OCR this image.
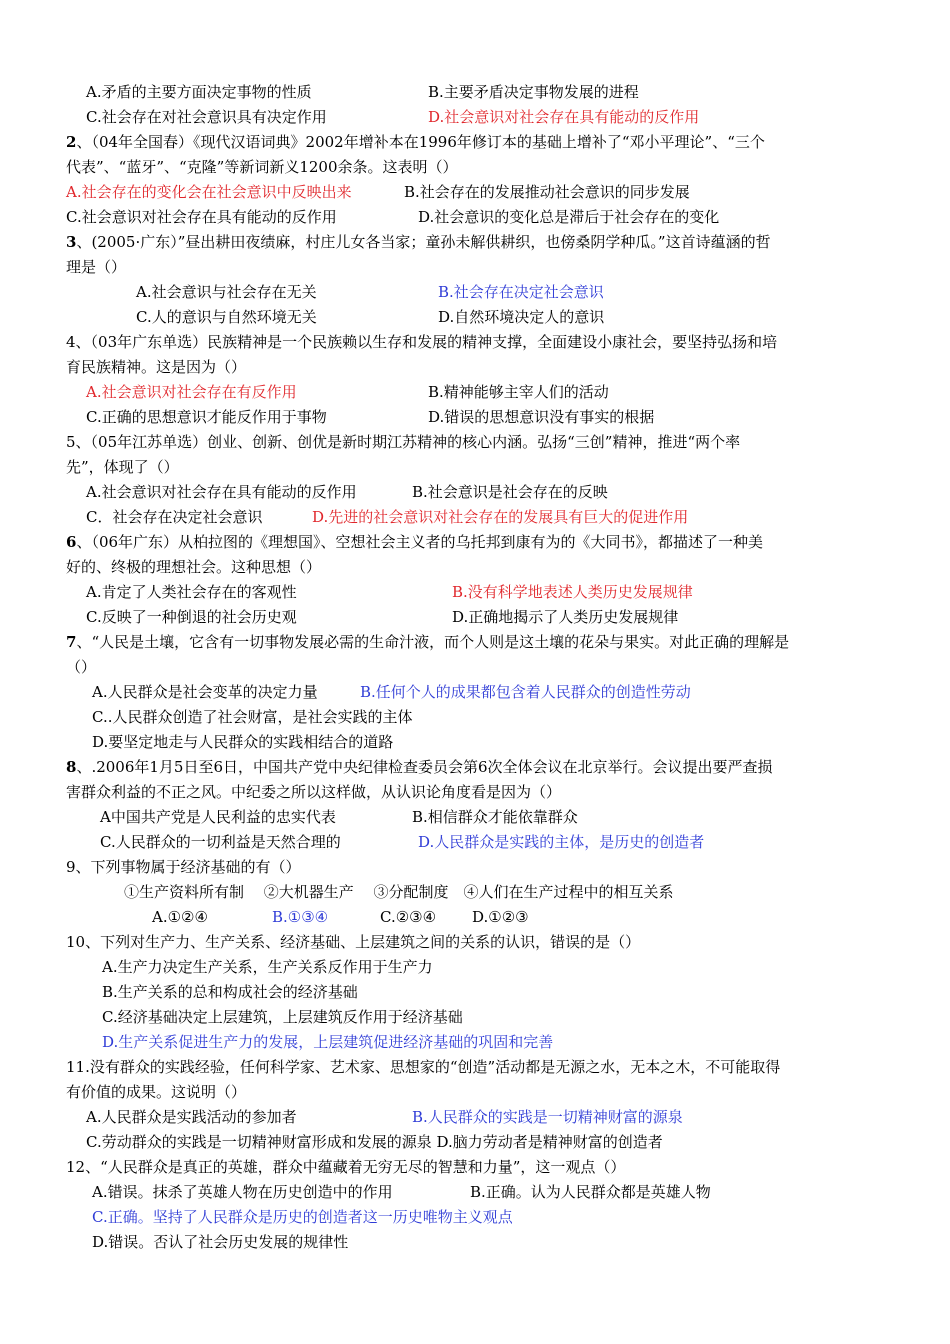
A.矛盾的主要方面决定事物的性质	B.主要矛盾决定事物发展的进程
C.社会存在对社会意识具有决定作用	D.社会意识对社会存在具有能动的反作用
2、（04年全国春）《现代汉语词典》2002年增补本在1996年修订本的基础上增补了“邓小平理论”、“三个
代表”、“蓝牙”、“克隆”等新词新义1200余条。这表明（）
A.社会存在的变化会在社会意识中反映出来	B.社会存在的发展推动社会意识的同步发展
C.社会意识对社会存在具有能动的反作用	D.社会意识的变化总是滞后于社会存在的变化
3、(2005·广东）”昼出耕田夜绩麻，村庄儿女各当家；童孙未解供耕织，也傍桑阴学种瓜。”这首诗蕴涵的哲
理是（）
A.社会意识与社会存在无关	B.社会存在决定社会意识
C.人的意识与自然环境无关	D.自然环境决定人的意识
4、（03年广东单选）民族精神是一个民族赖以生存和发展的精神支撑，全面建设小康社会，要坚持弘扬和培
育民族精神。这是因为（）
A.社会意识对社会存在有反作用	B.精神能够主宰人们的活动
C.正确的思想意识才能反作用于事物	D.错误的思想意识没有事实的根据
5、（05年江苏单选）创业、创新、创优是新时期江苏精神的核心内涵。弘扬“三创”精神，推进“两个率
先”，体现了（）
A.社会意识对社会存在具有能动的反作用	B.社会意识是社会存在的反映
C．社会存在决定社会意识	D.先进的社会意识对社会存在的发展具有巨大的促进作用
6、（06年广东）从柏拉图的《理想国》、空想社会主义者的乌托邦到康有为的《大同书》，都描述了一种美
好的、终极的理想社会。这种思想（）
A.肯定了人类社会存在的客观性	B.没有科学地表述人类历史发展规律
C.反映了一种倒退的社会历史观	D.正确地揭示了人类历史发展规律
7、“人民是土壤，它含有一切事物发展必需的生命汁液，而个人则是这土壤的花朵与果实。对此正确的理解是
（）
A.人民群众是社会变革的决定力量	B.任何个人的成果都包含着人民群众的创造性劳动
C..人民群众创造了社会财富，是社会实践的主体
D.要坚定地走与人民群众的实践相结合的道路
8、.2006年1月5日至6日，中国共产党中央纪律检查委员会第6次全体会议在北京举行。会议提出要严查损
害群众利益的不正之风。中纪委之所以这样做，从认识论角度看是因为（）
A中国共产党是人民利益的忠实代表	B.相信群众才能依靠群众
C.人民群众的一切利益是天然合理的	D.人民群众是实践的主体，是历史的创造者
9、下列事物属于经济基础的有（）
①生产资料所有制　 ②大机器生产　 ③分配制度　④人们在生产过程中的相互关系
A.①②④	B.①③④	C.②③④ D.①②③
10、下列对生产力、生产关系、经济基础、上层建筑之间的关系的认识，错误的是（）
A.生产力决定生产关系，生产关系反作用于生产力
B.生产关系的总和构成社会的经济基础
C.经济基础决定上层建筑，上层建筑反作用于经济基础
D.生产关系促进生产力的发展，上层建筑促进经济基础的巩固和完善
11.没有群众的实践经验，任何科学家、艺术家、思想家的“创造”活动都是无源之水，无本之木，不可能取得
有价值的成果。这说明（）
A.人民群众是实践活动的参加者	B.人民群众的实践是一切精神财富的源泉
C.劳动群众的实践是一切精神财富形成和发展的源泉 D.脑力劳动者是精神财富的创造者
12、“人民群众是真正的英雄，群众中蕴藏着无穷无尽的智慧和力量”，这一观点（）
A.错误。抹杀了英雄人物在历史创造中的作用	B.正确。认为人民群众都是英雄人物
C.正确。坚持了人民群众是历史的创造者这一历史唯物主义观点
D.错误。否认了社会历史发展的规律性
